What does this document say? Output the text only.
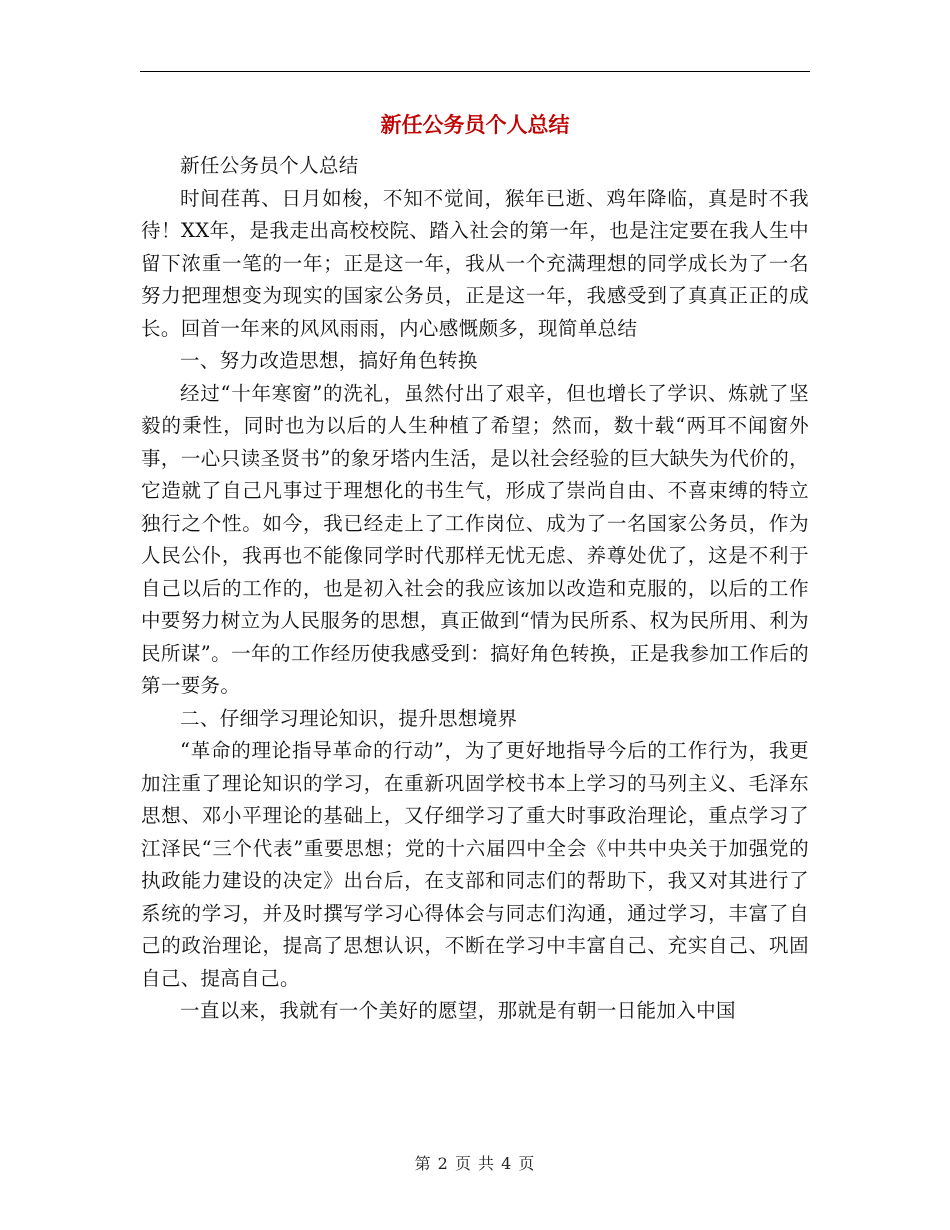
新任公务员个人总结

新任公务员个人总结

时间荏苒、日月如梭，不知不觉间，猴年已逝、鸡年降临，真是时不我待！XX年，是我走出高校校院、踏入社会的第一年，也是注定要在我人生中留下浓重一笔的一年；正是这一年，我从一个充满理想的同学成长为了一名努力把理想变为现实的国家公务员，正是这一年，我感受到了真真正正的成长。回首一年来的风风雨雨，内心感慨颇多，现简单总结

一、努力改造思想，搞好角色转换

经过“十年寒窗”的洗礼，虽然付出了艰辛，但也增长了学识、炼就了坚毅的秉性，同时也为以后的人生种植了希望；然而，数十载“两耳不闻窗外事，一心只读圣贤书”的象牙塔内生活，是以社会经验的巨大缺失为代价的，它造就了自己凡事过于理想化的书生气，形成了崇尚自由、不喜束缚的特立独行之个性。如今，我已经走上了工作岗位、成为了一名国家公务员，作为人民公仆，我再也不能像同学时代那样无忧无虑、养尊处优了，这是不利于自己以后的工作的，也是初入社会的我应该加以改造和克服的，以后的工作中要努力树立为人民服务的思想，真正做到“情为民所系、权为民所用、利为民所谋”。一年的工作经历使我感受到：搞好角色转换，正是我参加工作后的第一要务。

二、仔细学习理论知识，提升思想境界

“革命的理论指导革命的行动”，为了更好地指导今后的工作行为，我更加注重了理论知识的学习，在重新巩固学校书本上学习的马列主义、毛泽东思想、邓小平理论的基础上，又仔细学习了重大时事政治理论，重点学习了江泽民“三个代表”重要思想；党的十六届四中全会《中共中央关于加强党的执政能力建设的决定》出台后，在支部和同志们的帮助下，我又对其进行了系统的学习，并及时撰写学习心得体会与同志们沟通，通过学习，丰富了自己的政治理论，提高了思想认识，不断在学习中丰富自己、充实自己、巩固自己、提高自己。

一直以来，我就有一个美好的愿望，那就是有朝一日能加入中国

第 2 页 共 4 页
